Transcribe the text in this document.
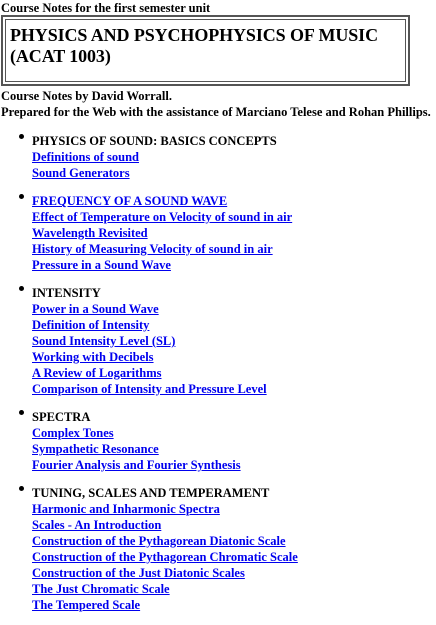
Course Notes for the first semester unit
PHYSICS AND PSYCHOPHYSICS OF MUSIC (ACAT 1003)
Course Notes by David Worrall.
Prepared for the Web with the assistance of Marciano Telese and Rohan Phillips.
PHYSICS OF SOUND: BASICS CONCEPTS
Definitions of sound
Sound Generators
FREQUENCY OF A SOUND WAVE
Effect of Temperature on Velocity of sound in air
Wavelength Revisited
History of Measuring Velocity of sound in air
Pressure in a Sound Wave
INTENSITY
Power in a Sound Wave
Definition of Intensity
Sound Intensity Level (SL)
Working with Decibels
A Review of Logarithms
Comparison of Intensity and Pressure Level
SPECTRA
Complex Tones
Sympathetic Resonance
Fourier Analysis and Fourier Synthesis
TUNING, SCALES AND TEMPERAMENT
Harmonic and Inharmonic Spectra
Scales - An Introduction
Construction of the Pythagorean Diatonic Scale
Construction of the Pythagorean Chromatic Scale
Construction of the Just Diatonic Scales
The Just Chromatic Scale
The Tempered Scale
